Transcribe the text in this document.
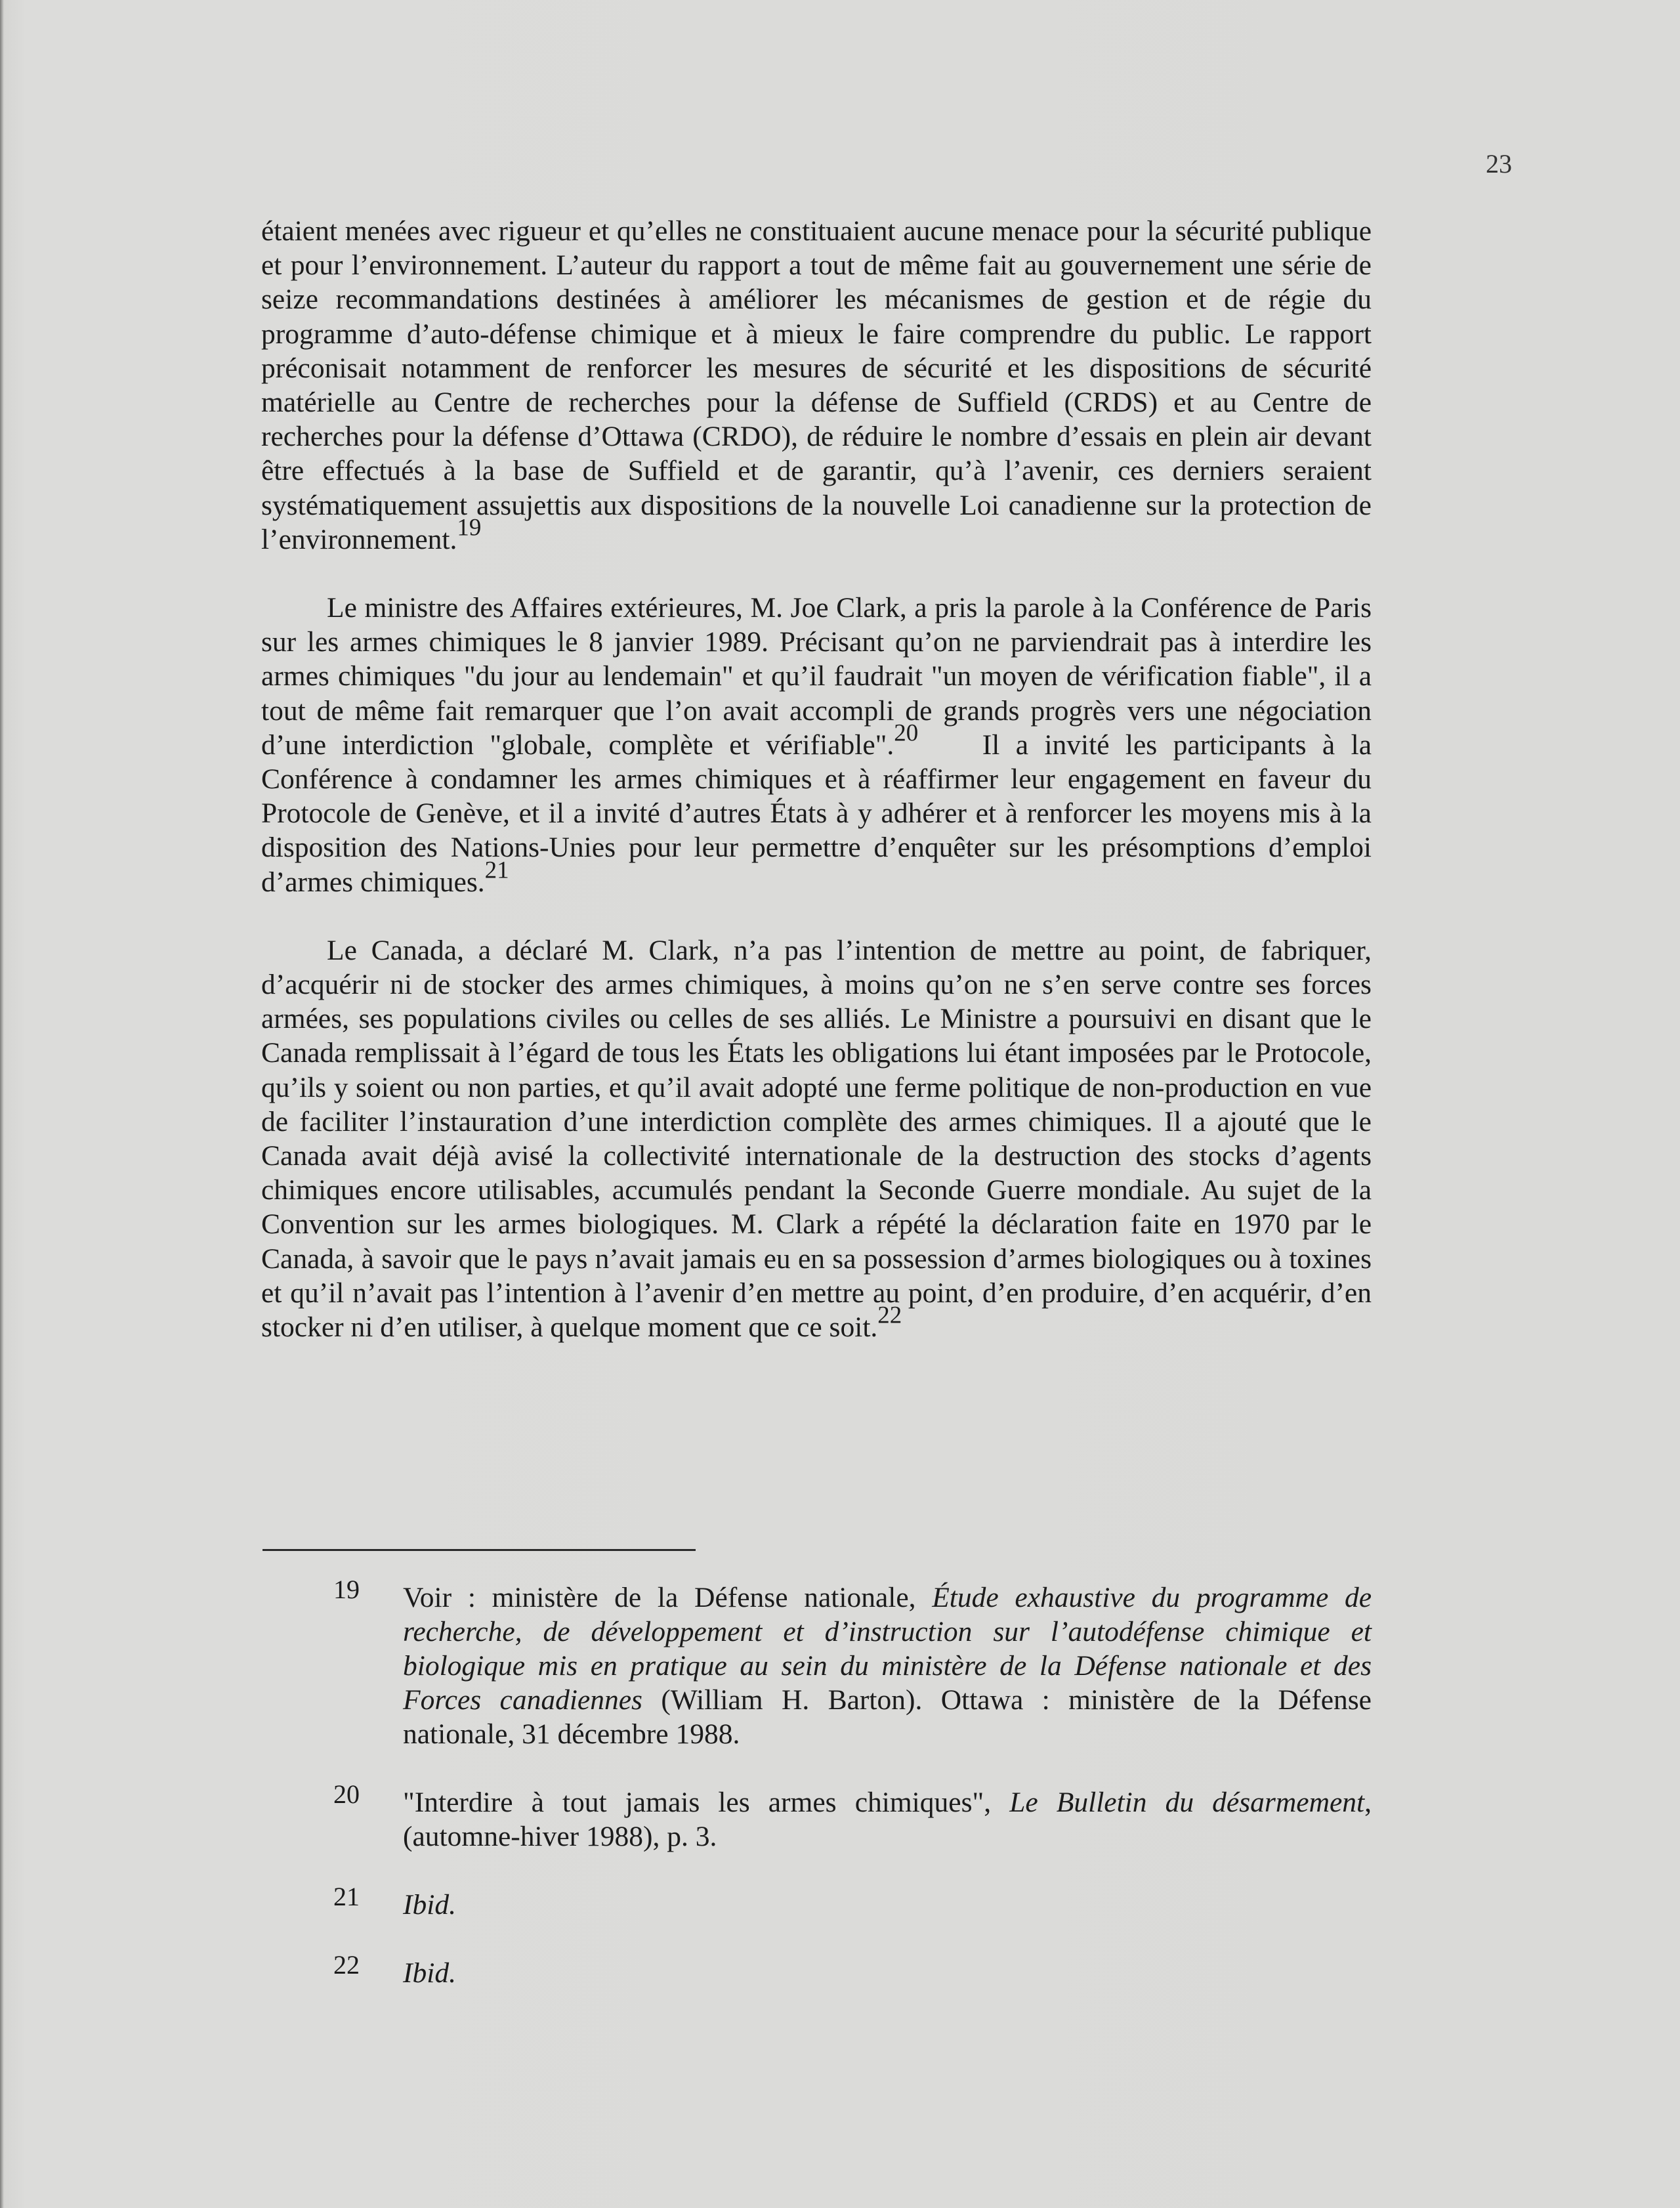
23

étaient menées avec rigueur et qu’elles ne constituaient aucune menace pour la sécurité publique et pour l’environnement. L’auteur du rapport a tout de même fait au gouvernement une série de seize recommandations destinées à améliorer les mécanismes de gestion et de régie du programme d’auto-défense chimique et à mieux le faire comprendre du public. Le rapport préconisait notamment de renforcer les mesures de sécurité et les dispositions de sécurité matérielle au Centre de recherches pour la défense de Suffield (CRDS) et au Centre de recherches pour la défense d’Ottawa (CRDO), de réduire le nombre d’essais en plein air devant être effectués à la base de Suffield et de garantir, qu’à l’avenir, ces derniers seraient systématiquement assujettis aux dispositions de la nouvelle Loi canadienne sur la protection de l’environnement.$^{19}$

Le ministre des Affaires extérieures, M. Joe Clark, a pris la parole à la Conférence de Paris sur les armes chimiques le 8 janvier 1989. Précisant qu’on ne parviendrait pas à interdire les armes chimiques "du jour au lendemain" et qu’il faudrait "un moyen de vérification fiable", il a tout de même fait remarquer que l’on avait accompli de grands progrès vers une négociation d’une interdiction "globale, complète et vérifiable".$^{20}$ Il a invité les participants à la Conférence à condamner les armes chimiques et à réaffirmer leur engagement en faveur du Protocole de Genève, et il a invité d’autres États à y adhérer et à renforcer les moyens mis à la disposition des Nations-Unies pour leur permettre d’enquêter sur les présomptions d’emploi d’armes chimiques.$^{21}$

Le Canada, a déclaré M. Clark, n’a pas l’intention de mettre au point, de fabriquer, d’acquérir ni de stocker des armes chimiques, à moins qu’on ne s’en serve contre ses forces armées, ses populations civiles ou celles de ses alliés. Le Ministre a poursuivi en disant que le Canada remplissait à l’égard de tous les États les obligations lui étant imposées par le Protocole, qu’ils y soient ou non parties, et qu’il avait adopté une ferme politique de non-production en vue de faciliter l’instauration d’une interdiction complète des armes chimiques. Il a ajouté que le Canada avait déjà avisé la collectivité internationale de la destruction des stocks d’agents chimiques encore utilisables, accumulés pendant la Seconde Guerre mondiale. Au sujet de la Convention sur les armes biologiques. M. Clark a répété la déclaration faite en 1970 par le Canada, à savoir que le pays n’avait jamais eu en sa possession d’armes biologiques ou à toxines et qu’il n’avait pas l’intention à l’avenir d’en mettre au point, d’en produire, d’en acquérir, d’en stocker ni d’en utiliser, à quelque moment que ce soit.$^{22}$

19	Voir : ministère de la Défense nationale, Étude exhaustive du programme de recherche, de développement et d’instruction sur l’autodéfense chimique et biologique mis en pratique au sein du ministère de la Défense nationale et des Forces canadiennes (William H. Barton). Ottawa : ministère de la Défense nationale, 31 décembre 1988.
20	"Interdire à tout jamais les armes chimiques", Le Bulletin du désarmement, (automne-hiver 1988), p. 3.
21	Ibid.
22	Ibid.
